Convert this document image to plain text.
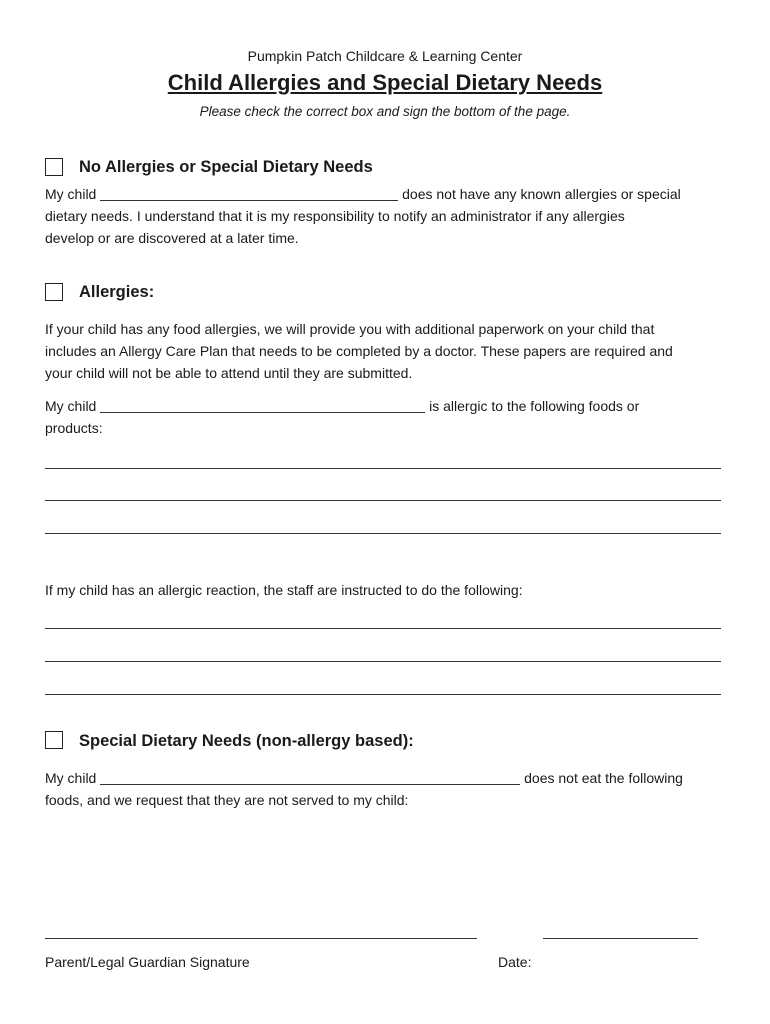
Pumpkin Patch Childcare & Learning Center
Child Allergies and Special Dietary Needs
Please check the correct box and sign the bottom of the page.
No Allergies or Special Dietary Needs
My child	does not have any known allergies or special
dietary needs. I understand that it is my responsibility to notify an administrator if any allergies
develop or are discovered at a later time.
Allergies:
If your child has any food allergies, we will provide you with additional paperwork on your child that
includes an Allergy Care Plan that needs to be completed by a doctor. These papers are required and
your child will not be able to attend until they are submitted.
My child	is allergic to the following foods or
products:
If my child has an allergic reaction, the staff are instructed to do the following:
Special Dietary Needs (non-allergy based):
My child	does not eat the following
foods, and we request that they are not served to my child:
Parent/Legal Guardian Signature	Date:
